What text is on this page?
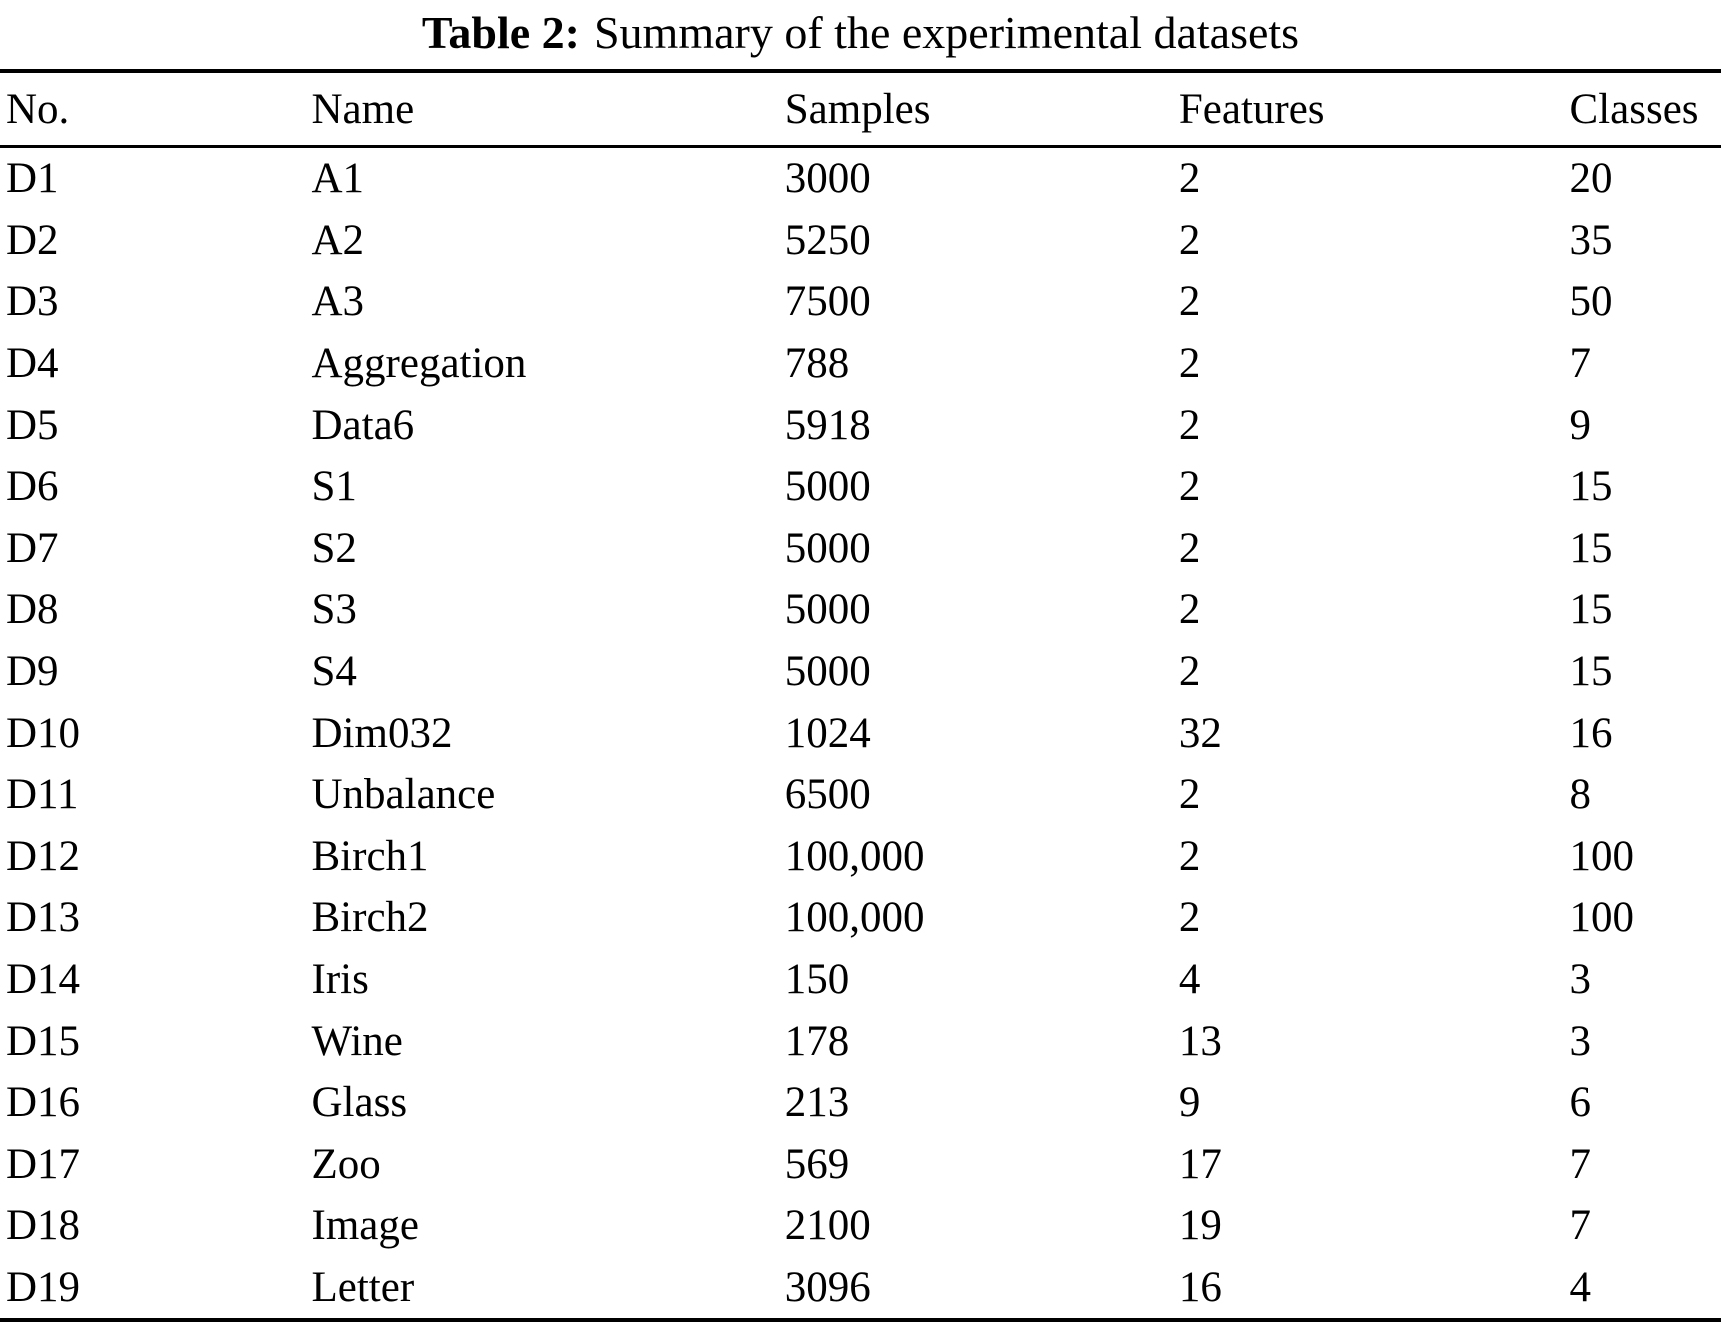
Table 2: Summary of the experimental datasets
No.	Name	Samples	Features	Classes
D1	A1	3000	2	20
D2	A2	5250	2	35
D3	A3	7500	2	50
D4	Aggregation	788	2	7
D5	Data6	5918	2	9
D6	S1	5000	2	15
D7	S2	5000	2	15
D8	S3	5000	2	15
D9	S4	5000	2	15
D10	Dim032	1024	32	16
D11	Unbalance	6500	2	8
D12	Birch1	100,000	2	100
D13	Birch2	100,000	2	100
D14	Iris	150	4	3
D15	Wine	178	13	3
D16	Glass	213	9	6
D17	Zoo	569	17	7
D18	Image	2100	19	7
D19	Letter	3096	16	4
